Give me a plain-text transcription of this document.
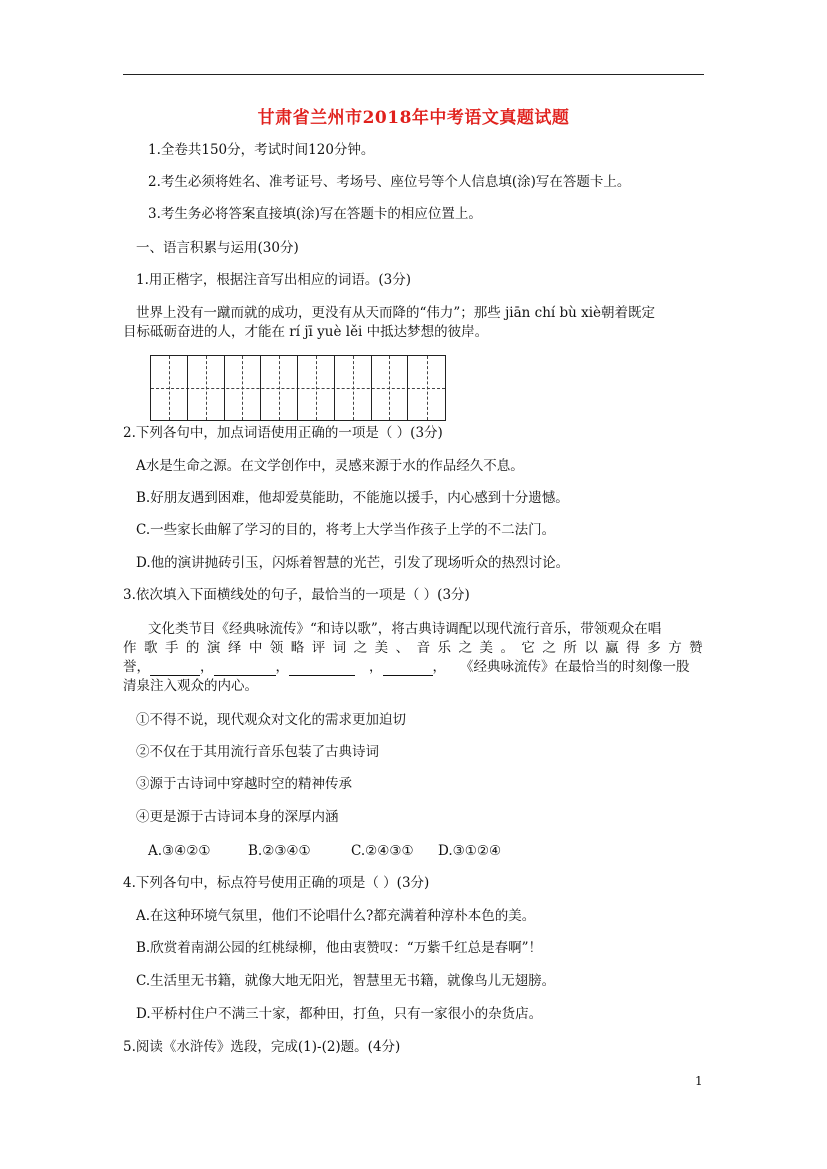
甘肃省兰州市2018年中考语文真题试题
1.全卷共150分，考试时间120分钟。
2.考生必须将姓名、准考证号、考场号、座位号等个人信息填(涂)写在答题卡上。
3.考生务必将答案直接填(涂)写在答题卡的相应位置上。
一、语言积累与运用(30分)
1.用正楷字，根据注音写出相应的词语。(3分)
世界上没有一蹴而就的成功，更没有从天而降的“伟力”；那些 jiān chí bù xiè朝着既定
目标砥砺奋进的人，才能在 rí jī yuè lěi 中抵达梦想的彼岸。
2.下列各句中，加点词语使用正确的一项是（ ）(3分)
A水是生命之源。在文学创作中，灵感来源于水的作品经久不息。
B.好朋友遇到困难，他却爱莫能助，不能施以援手，内心感到十分遗憾。
C.一些家长曲解了学习的目的，将考上大学当作孩子上学的不二法门。
D.他的演讲抛砖引玉，闪烁着智慧的光芒，引发了现场听众的热烈讨论。
3.依次填入下面横线处的句子，最恰当的一项是（ ）(3分)
文化类节目《经典咏流传》“和诗以歌”，将古典诗调配以现代流行音乐，带领观众在唱
作 歌 手 的 演 绎 中 领 略 评 词 之 美 、 音 乐 之 美 。 它 之 所 以 赢 得 多 方 赞
誉，	，	，	，	， 《经典咏流传》在最恰当的时刻像一股
清泉注入观众的内心。
①不得不说，现代观众对文化的需求更加迫切
②不仅在于其用流行音乐包装了古典诗词
③源于古诗词中穿越时空的精神传承
④更是源于古诗词本身的深厚内涵
A.③④②①	B.②③④①	C.②④③① D.③①②④
4.下列各句中，标点符号使用正确的项是（ ）(3分)
A.在这种环境气氛里，他们不论唱什么?都充满着种淳朴本色的美。
B.欣赏着南湖公园的红桃绿柳，他由衷赞叹：“万紫千红总是春啊”！
C.生活里无书籍，就像大地无阳光，智慧里无书籍，就像鸟儿无翅膀。
D.平桥村住户不满三十家，都种田，打鱼，只有一家很小的杂货店。
5.阅读《水浒传》选段，完成(1)-(2)题。(4分)
1
